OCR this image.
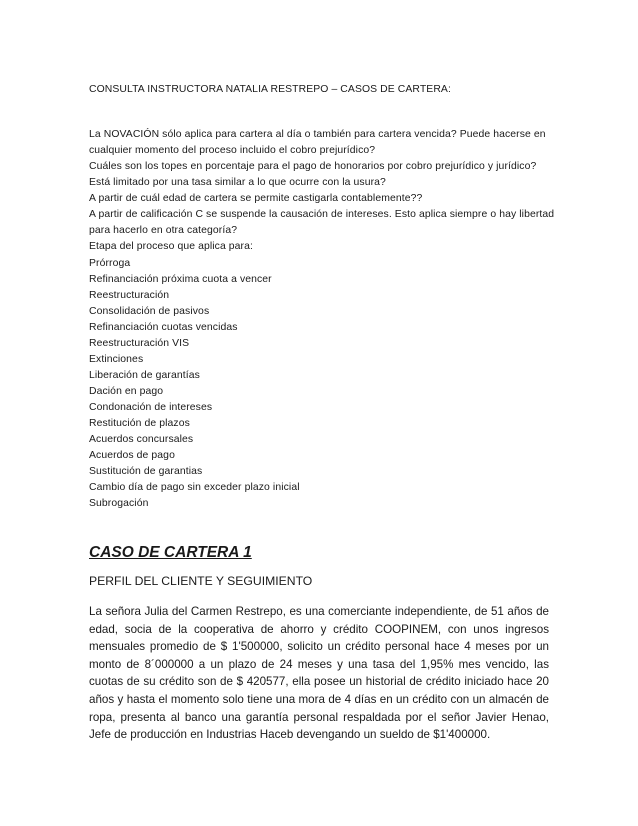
CONSULTA INSTRUCTORA NATALIA RESTREPO – CASOS DE CARTERA:

La NOVACIÓN sólo aplica para cartera al día o también para cartera vencida? Puede hacerse en

cualquier momento del proceso incluido el cobro prejurídico?

Cuáles son los topes en porcentaje para el pago de honorarios por cobro prejurídico y jurídico?

Está limitado por una tasa similar a lo que ocurre con la usura?

A partir de cuál edad de cartera se permite castigarla contablemente??

A partir de calificación C se suspende la causación de intereses. Esto aplica siempre o hay libertad

para hacerlo en otra categoría?

Etapa del proceso que aplica para:

Prórroga

Refinanciación próxima cuota a vencer

Reestructuración

Consolidación de pasivos

Refinanciación cuotas vencidas

Reestructuración VIS

Extinciones

Liberación de garantías

Dación en pago

Condonación de intereses

Restitución de plazos

Acuerdos concursales

Acuerdos de pago

Sustitución de garantias

Cambio día de pago sin exceder plazo inicial

Subrogación

CASO DE CARTERA 1
PERFIL DEL CLIENTE Y SEGUIMIENTO

La señora Julia del Carmen Restrepo, es una comerciante independiente, de 51 años de edad, socia de la cooperativa de ahorro y crédito COOPINEM, con unos ingresos mensuales promedio de $ 1'500000, solicito un crédito personal hace 4 meses por un monto de 8´000000 a un plazo de 24 meses y una tasa del 1,95% mes vencido, las cuotas de su crédito son de $ 420577, ella posee un historial de crédito iniciado hace 20 años y hasta el momento solo tiene una mora de 4 días en un crédito con un almacén de ropa, presenta al banco una garantía personal respaldada por el señor Javier Henao, Jefe de producción en Industrias Haceb devengando un sueldo de $1'400000.
